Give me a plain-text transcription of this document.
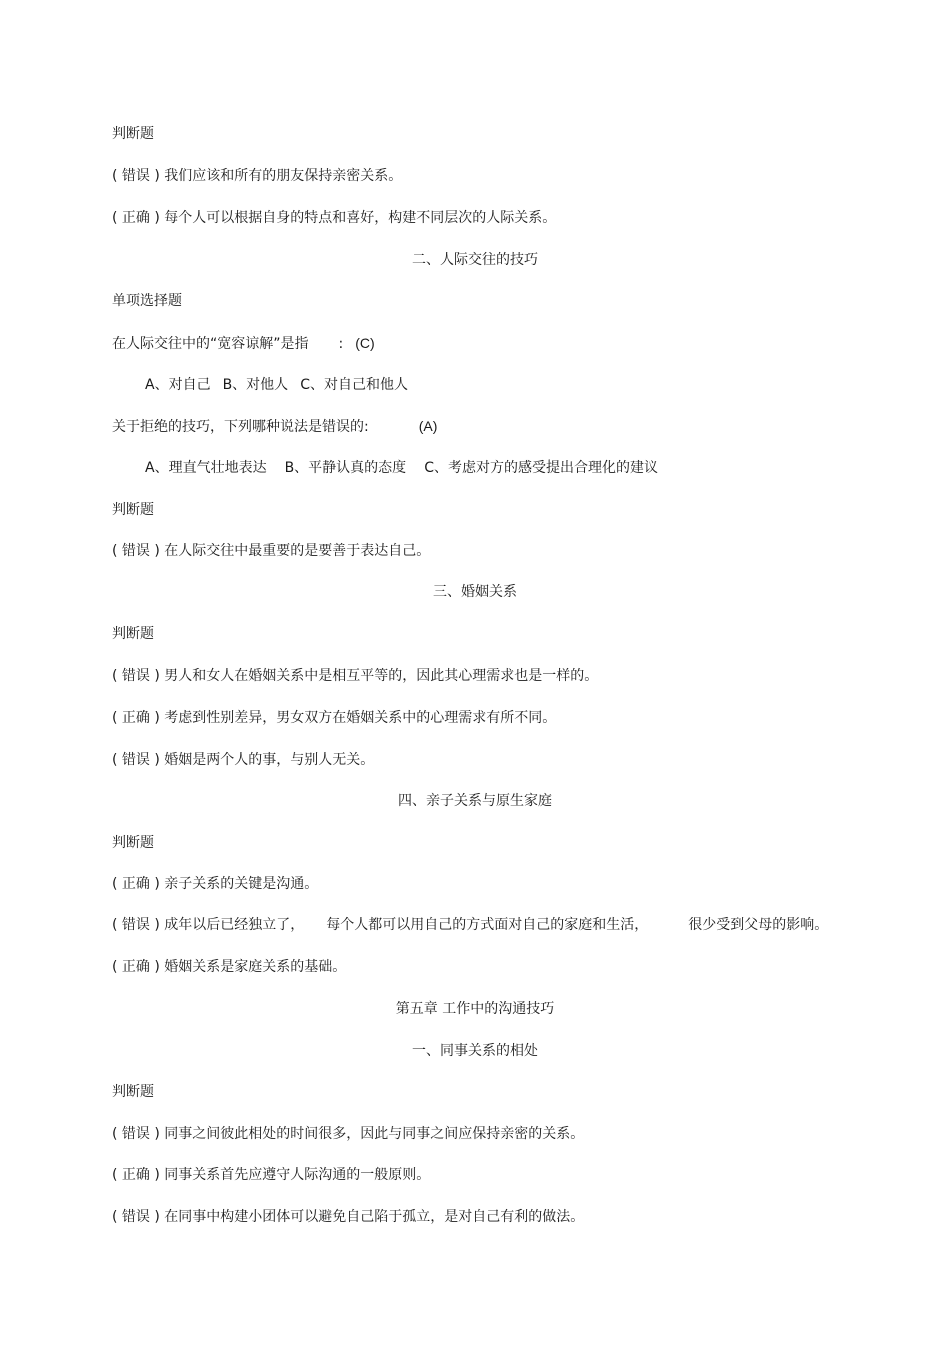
判断题
( 错误 ) 我们应该和所有的朋友保持亲密关系。
( 正确 ) 每个人可以根据自身的特点和喜好，构建不同层次的人际关系。
二、人际交往的技巧
单项选择题
在人际交往中的“宽容谅解”是指 : (C)
A、对自己 B、对他人 C、对自己和他人
关于拒绝的技巧，下列哪种说法是错误的:	(A)
A、理直气壮地表达 B、平静认真的态度 C、考虑对方的感受提出合理化的建议
判断题
( 错误 ) 在人际交往中最重要的是要善于表达自己。
三、婚姻关系
判断题
( 错误 ) 男人和女人在婚姻关系中是相互平等的，因此其心理需求也是一样的。
( 正确 ) 考虑到性别差异，男女双方在婚姻关系中的心理需求有所不同。
( 错误 ) 婚姻是两个人的事，与别人无关。
四、亲子关系与原生家庭
判断题
( 正确 ) 亲子关系的关键是沟通。
( 错误 ) 成年以后已经独立了， 每个人都可以用自己的方式面对自己的家庭和生活，	很少受到父母的影响。
( 正确 ) 婚姻关系是家庭关系的基础。
第五章 工作中的沟通技巧
一、同事关系的相处
判断题
( 错误 ) 同事之间彼此相处的时间很多，因此与同事之间应保持亲密的关系。
( 正确 ) 同事关系首先应遵守人际沟通的一般原则。
( 错误 ) 在同事中构建小团体可以避免自己陷于孤立，是对自己有利的做法。
